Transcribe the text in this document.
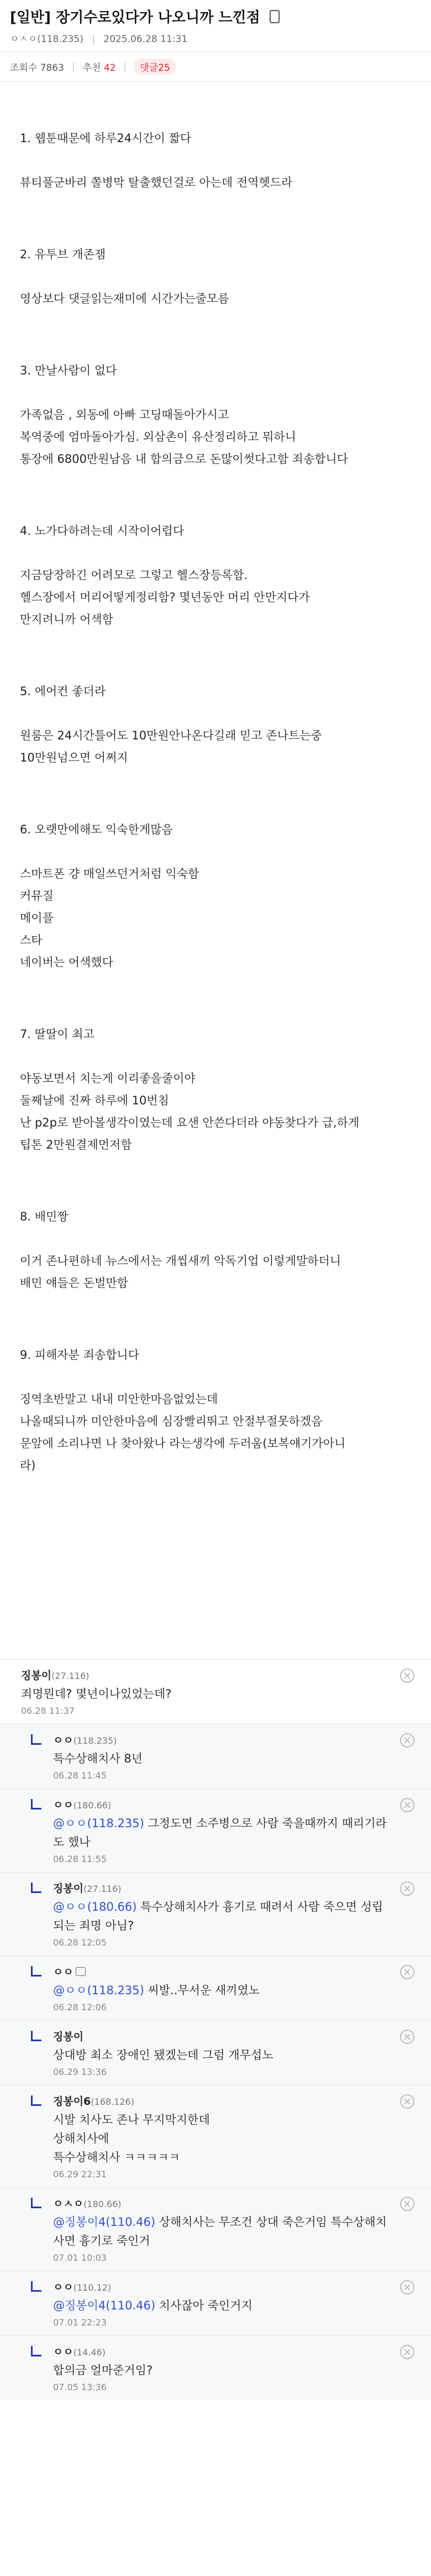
[일반] 장기수로있다가 나오니까 느낀점
ㅇㅅㅇ(118.235) | 2025.06.28 11:31
조회수 7863 | 추천 42 |	댓글25

1. 웹툰때문에 하루24시간이 짧다

뷰티풀군바리 쫄병막 탈출했던걸로 아는데 전역헷드라

2. 유투브 개존잼

영상보다 댓글읽는재미에 시간가는줄모름

3. 만날사람이 없다

가족없음 , 외동에 아빠 고딩때돌아가시고

복역중에 엄마돌아가심. 외삼촌이 유산정리하고 뭐하니

통장에 6800만원남음 내 합의금으로 돈많이썻다고함 죄송합니다

4. 노가다하려는데 시작이어렵다

지금당장하긴 어려모로 그렇고 헬스장등록함.

헬스장에서 머리어떻게정리함? 몇년동안 머리 안만지다가

만지려니까 어색함

5. 에어컨 좋더라

원룸은 24시간틀어도 10만원안나온다길래 믿고 존나트는중

10만원넘으면 어쩌지

6. 오랫만에해도 익숙한게많음

스마트폰 걍 매일쓰던거처럼 익숙함

커뮤질

메이플

스타

네이버는 어색했다

7. 딸딸이 최고

야동보면서 치는게 이리좋을줄이야

둘째날에 진짜 하루에 10번침

난 p2p로 받아볼생각이였는데 요샌 안쓴다더라 야동찾다가 급,하게

팁톤 2만원결제먼저함

8. 배민짱

이거 존나편하네 뉴스에서는 개씹새끼 악독기업 이렇게말하더니

배민 얘들은 돈벌만함

9. 피해자분 죄송합니다

징역초반말고 내내 미안한마음없었는데

나올때되니까 미안한마음에 심장빨리뛰고 안절부절못하겠음

문앞에 소리나면 나 찾아왔나 라는생각에 두러움(보복얘기가아니

라)

징봉이(27.116)
죄명뭔데? 몇년이나있었는데?
06.28 11:37
ㅇㅇ(118.235)
특수상해치사 8년
06.28 11:45
ㅇㅇ(180.66)
@ㅇㅇ(118.235) 그정도면 소주병으로 사람 죽을때까지 때리기라도 했나
06.28 11:55
징봉이(27.116)
@ㅇㅇ(180.66) 특수상해치사가 흉기로 때려서 사람 죽으면 성립되는 죄명 아님?
06.28 12:05
ㅇㅇ
@ㅇㅇ(118.235) 씨발..무서운 새끼였노
06.28 12:06
징봉이
상대방 최소 장애인 됐겠는데 그럼 개무섭노
06.29 13:36
징봉이6(168.126)
시발 치사도 존나 무지막지한데
상해치사에
특수상해치사 ㅋㅋㅋㅋㅋ
06.29 22:31
ㅇㅅㅇ(180.66)
@징봉이4(110.46) 상해치사는 무조건 상대 죽은거임 특수상해치사면 흉기로 죽인거
07.01 10:03
ㅇㅇ(110.12)
@징봉이4(110.46) 치사잖아 죽인거지
07.01 22:23
ㅇㅇ(14.46)
합의금 얼마준거임?
07.05 13:36
